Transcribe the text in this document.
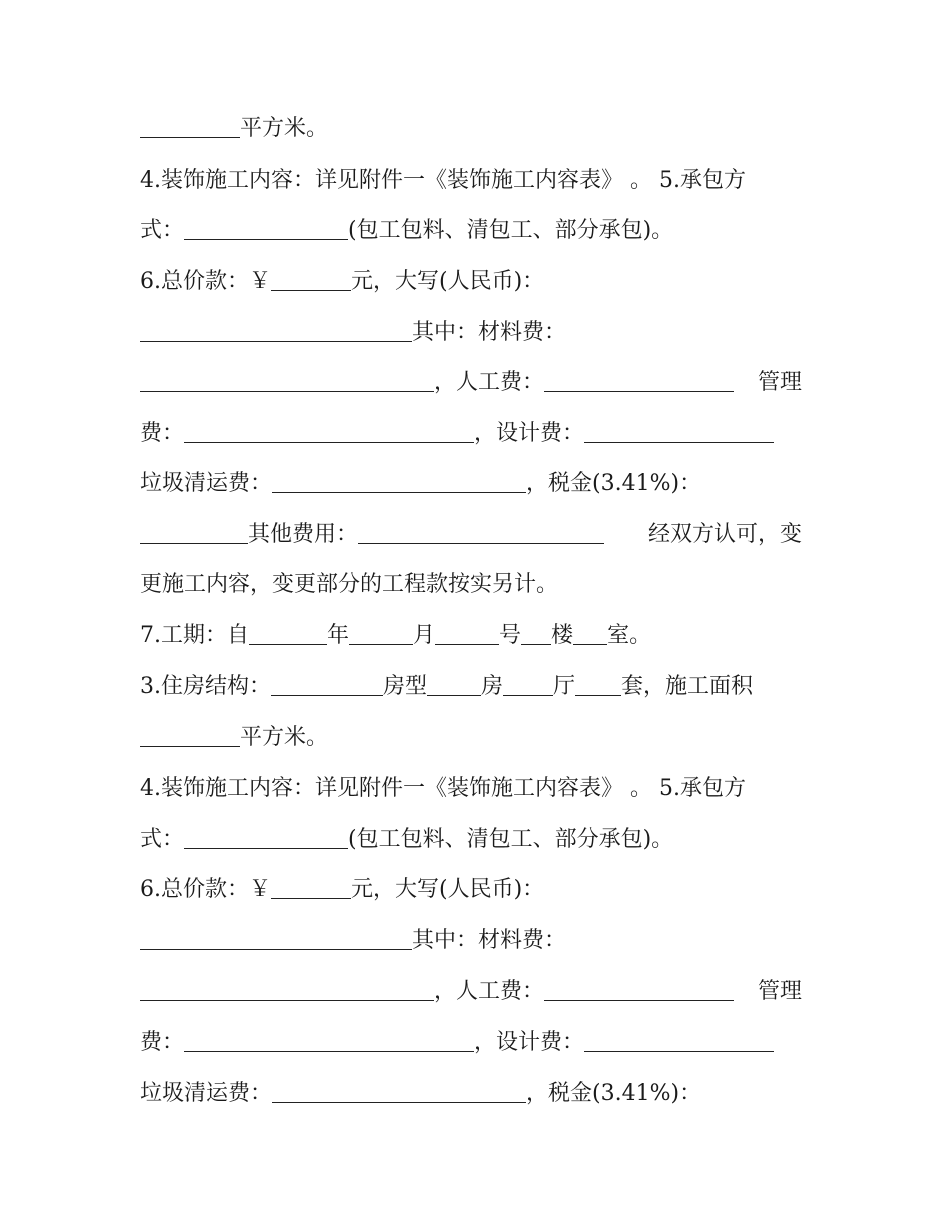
平方米。
4.装饰施工内容：详见附件一《装饰施工内容表》 。 5.承包方
式：	(包工包料、清包工、部分承包)。
6.总价款：￥	元，大写(人民币)：
其中：材料费：
，人工费：	管理
费：	，设计费：
垃圾清运费：	，税金(3.41%)：
其他费用：	经双方认可，变
更施工内容，变更部分的工程款按实另计。
7.工期：自	年	月	号 楼 室。
3.住房结构：	房型 房 厅 套，施工面积
平方米。
4.装饰施工内容：详见附件一《装饰施工内容表》 。 5.承包方
式：	(包工包料、清包工、部分承包)。
6.总价款：￥	元，大写(人民币)：
其中：材料费：
，人工费：	管理
费：	，设计费：
垃圾清运费：	，税金(3.41%)：
